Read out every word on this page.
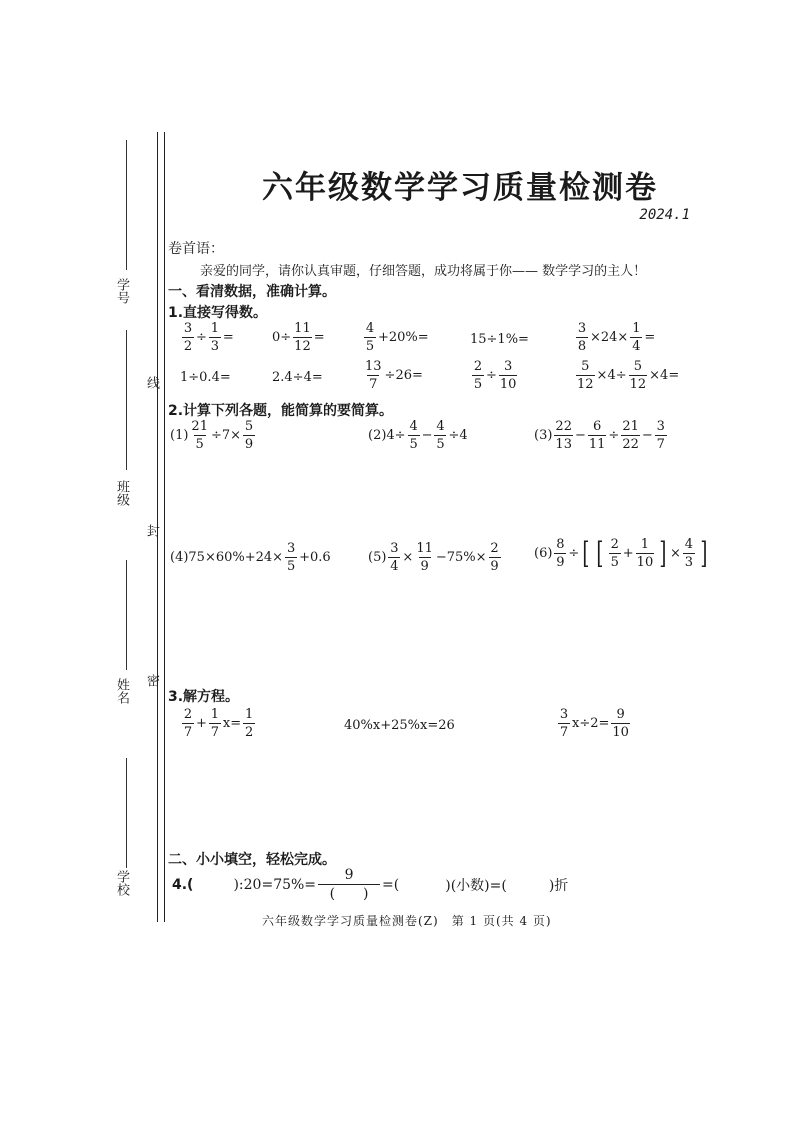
六年级数学学习质量检测卷
2024.1
学号
班级
姓名
学校
线
封
密
卷首语：
亲爱的同学，请你认真审题，仔细答题，成功将属于你—— 数学学习的主人！
一、看清数据，准确计算。
1.直接写得数。
$\frac{3}{2} \div \frac{1}{3}$ =	$0\div \frac{11}{12}$ =	$\frac{4}{5} +20\%=$	15÷1%=	$\frac{3}{8} \times 24\times \frac{1}{4}$ =
1÷0.4=	2.4÷4=	$\frac{13}{7} \div 26=$	$\frac{2}{5} \div \frac{3}{10}$	$\frac{5}{12} \times 4\div \frac{5}{12} \times 4=$
2.计算下列各题，能简算的要简算。
$(1) \frac{21}{5} \div 7\times \frac{5}{9}$	$(2)4\div \frac{4}{5} - \frac{4}{5} \div 4$	$(3) \frac{22}{13} - \frac{6}{11} \div \frac{21}{22} - \frac{3}{7}$
$(4)75\times 60\%+24\times \frac{3}{5} +0.6$	$(5) \frac{3}{4} \times \frac{11}{9} -75\%\times \frac{2}{9}$	$(6) \frac{8}{9}$ ÷ [ [ $\frac{2}{5} + \frac{1}{10}$ ] × $\frac{4}{3}$ ]
3.解方程。
$\frac{2}{7} + \frac{1}{7} x= \frac{1}{2}$	40%x+25%x=26	$\frac{3}{7} x\div 2= \frac{9}{10}$
二、小小填空，轻松完成。
4.(	):20=75%= $\frac{9}{( )}$ =(	)(小数)=(	)折
六年级数学学习质量检测卷(Z)　第 1 页(共 4 页)
